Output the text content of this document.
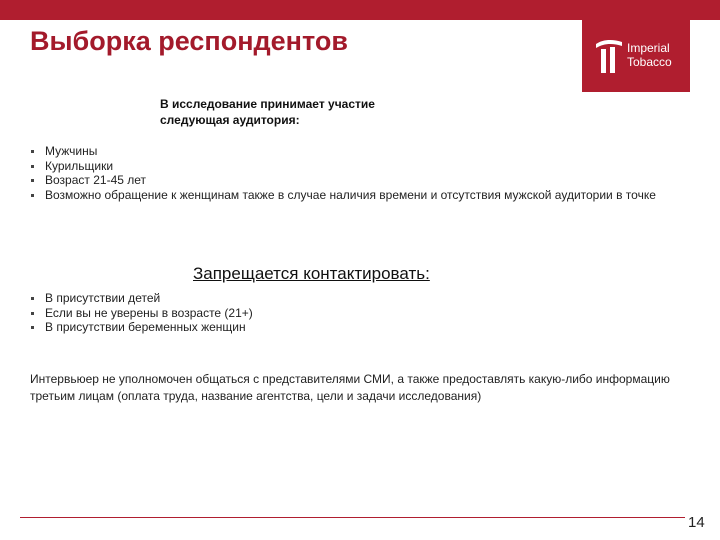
Выборка респондентов	Imperial
Tobacco
В исследование принимает участие
следующая аудитория:
Мужчины
Курильщики
Возраст 21-45 лет
Возможно обращение к женщинам также в случае наличия времени и отсутствия мужской аудитории в точке
Запрещается контактировать:
В присутствии детей
Если вы не уверены в возрасте (21+)
В присутствии беременных женщин
Интервьюер не уполномочен общаться с представителями СМИ, а также предоставлять какую-либо информацию третьим лицам (оплата труда, название агентства, цели и задачи исследования)
14
